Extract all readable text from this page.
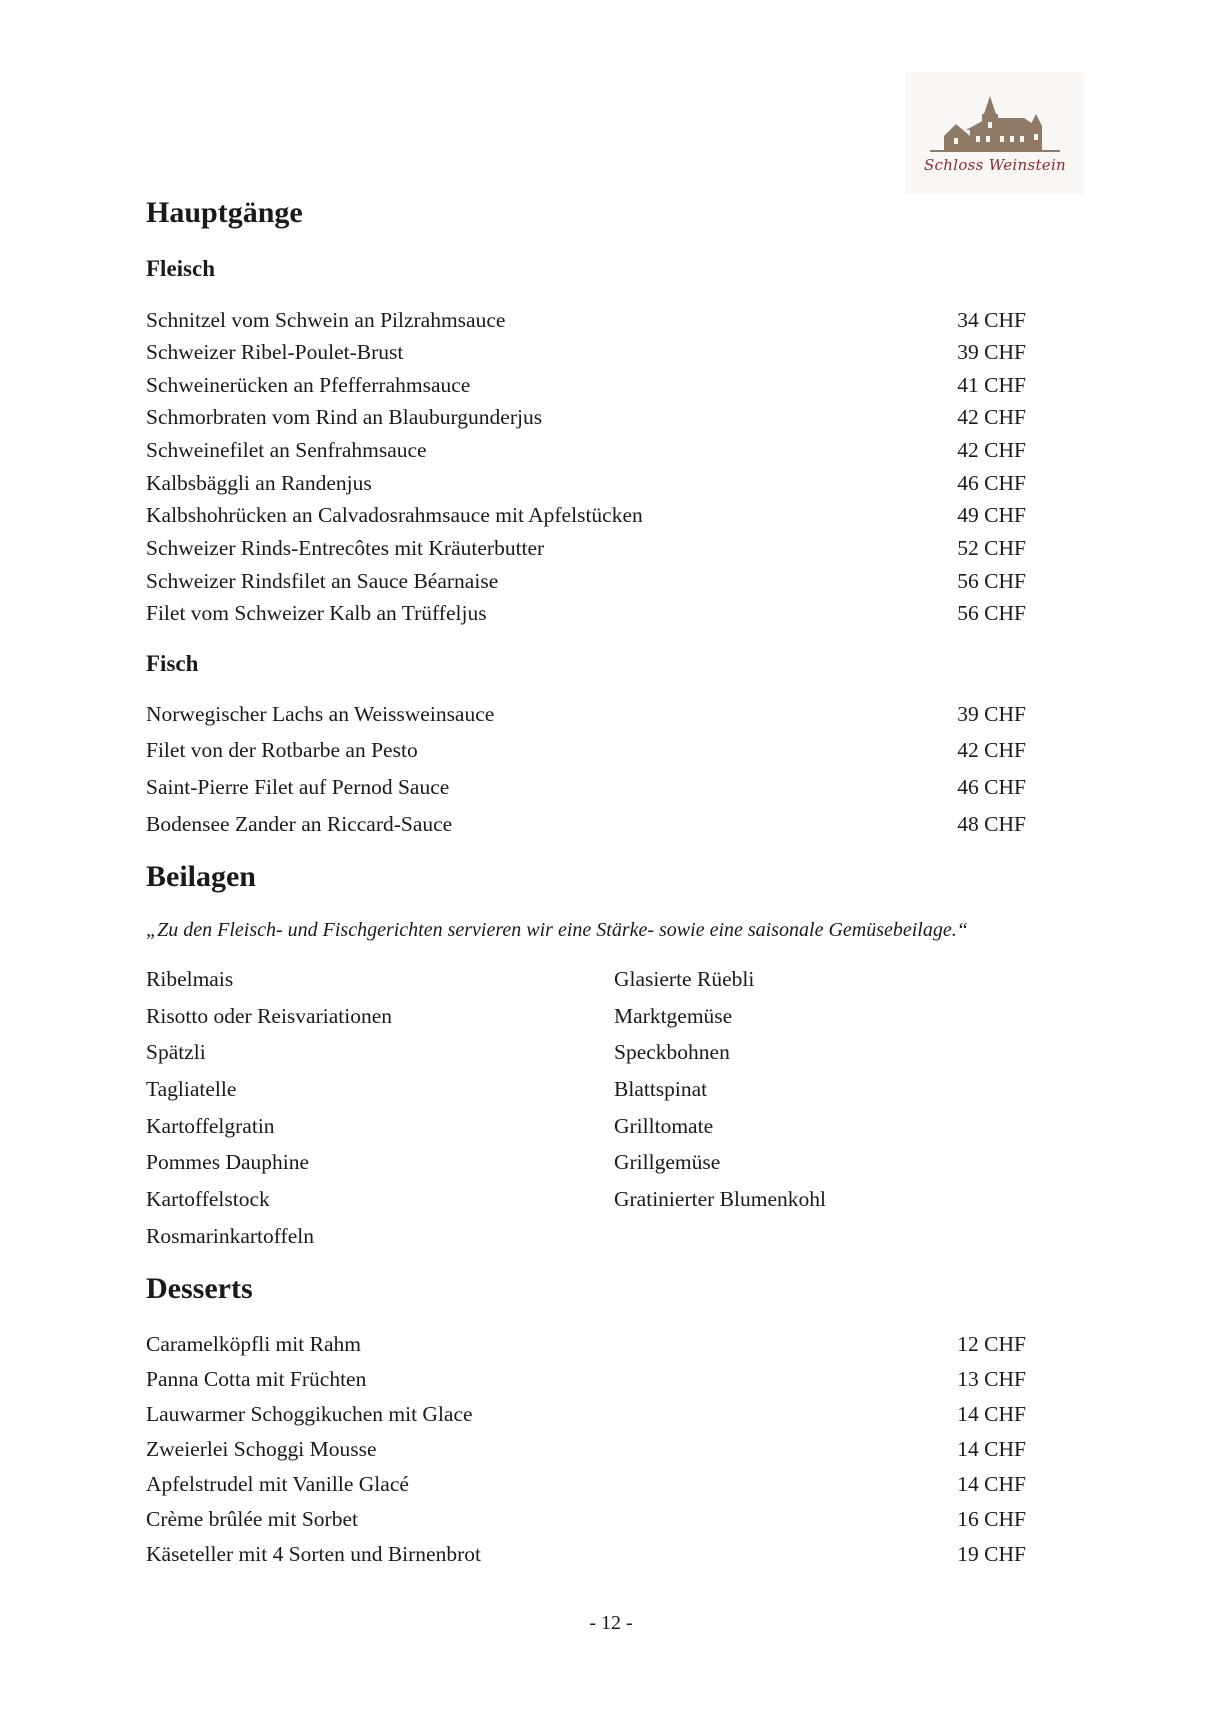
Schloss Weinstein
Hauptgänge
Fleisch
Schnitzel vom Schwein an Pilzrahmsauce	34 CHF
Schweizer Ribel-Poulet-Brust	39 CHF
Schweinerücken an Pfefferrahmsauce	41 CHF
Schmorbraten vom Rind an Blauburgunderjus	42 CHF
Schweinefilet an Senfrahmsauce	42 CHF
Kalbsbäggli an Randenjus	46 CHF
Kalbshohrücken an Calvadosrahmsauce mit Apfelstücken	49 CHF
Schweizer Rinds-Entrecôtes mit Kräuterbutter	52 CHF
Schweizer Rindsfilet an Sauce Béarnaise	56 CHF
Filet vom Schweizer Kalb an Trüffeljus	56 CHF
Fisch
Norwegischer Lachs an Weissweinsauce	39 CHF
Filet von der Rotbarbe an Pesto	42 CHF
Saint-Pierre Filet auf Pernod Sauce	46 CHF
Bodensee Zander an Riccard-Sauce	48 CHF
Beilagen
„Zu den Fleisch- und Fischgerichten servieren wir eine Stärke- sowie eine saisonale Gemüsebeilage.“
Ribelmais
Risotto oder Reisvariationen
Spätzli
Tagliatelle
Kartoffelgratin
Pommes Dauphine
Kartoffelstock
Rosmarinkartoffeln
Glasierte Rüebli
Marktgemüse
Speckbohnen
Blattspinat
Grilltomate
Grillgemüse
Gratinierter Blumenkohl
Desserts
Caramelköpfli mit Rahm	12 CHF
Panna Cotta mit Früchten	13 CHF
Lauwarmer Schoggikuchen mit Glace	14 CHF
Zweierlei Schoggi Mousse	14 CHF
Apfelstrudel mit Vanille Glacé	14 CHF
Crème brûlée mit Sorbet	16 CHF
Käseteller mit 4 Sorten und Birnenbrot	19 CHF
- 12 -
